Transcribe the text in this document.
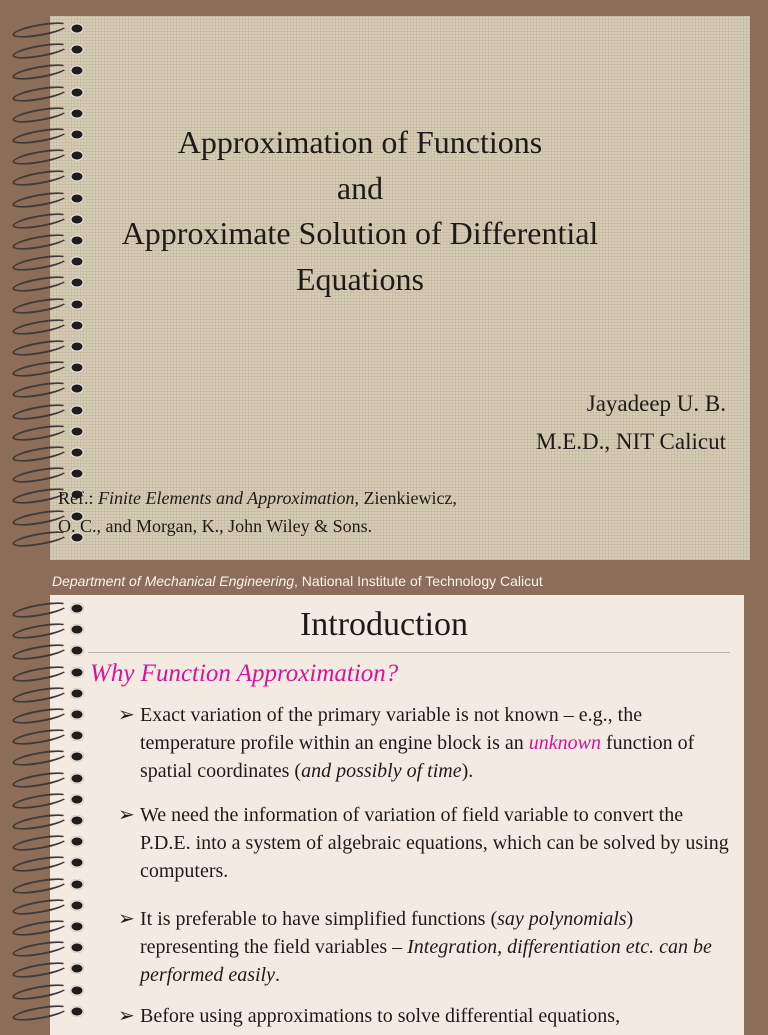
Approximation of Functions
and
Approximate Solution of Differential
Equations
Jayadeep U. B.
M.E.D., NIT Calicut
Ref.: Finite Elements and Approximation, Zienkiewicz,
O. C., and Morgan, K., John Wiley & Sons.
Department of Mechanical Engineering, National Institute of Technology Calicut
Introduction
Why Function Approximation?
➢ Exact variation of the primary variable is not known – e.g., the temperature profile within an engine block is an unknown function of spatial coordinates (and possibly of time).
➢ We need the information of variation of field variable to convert the P.D.E. into a system of algebraic equations, which can be solved by using computers.
➢ It is preferable to have simplified functions (say polynomials) representing the field variables – Integration, differentiation etc. can be performed easily.
➢ Before using approximations to solve differential equations,
